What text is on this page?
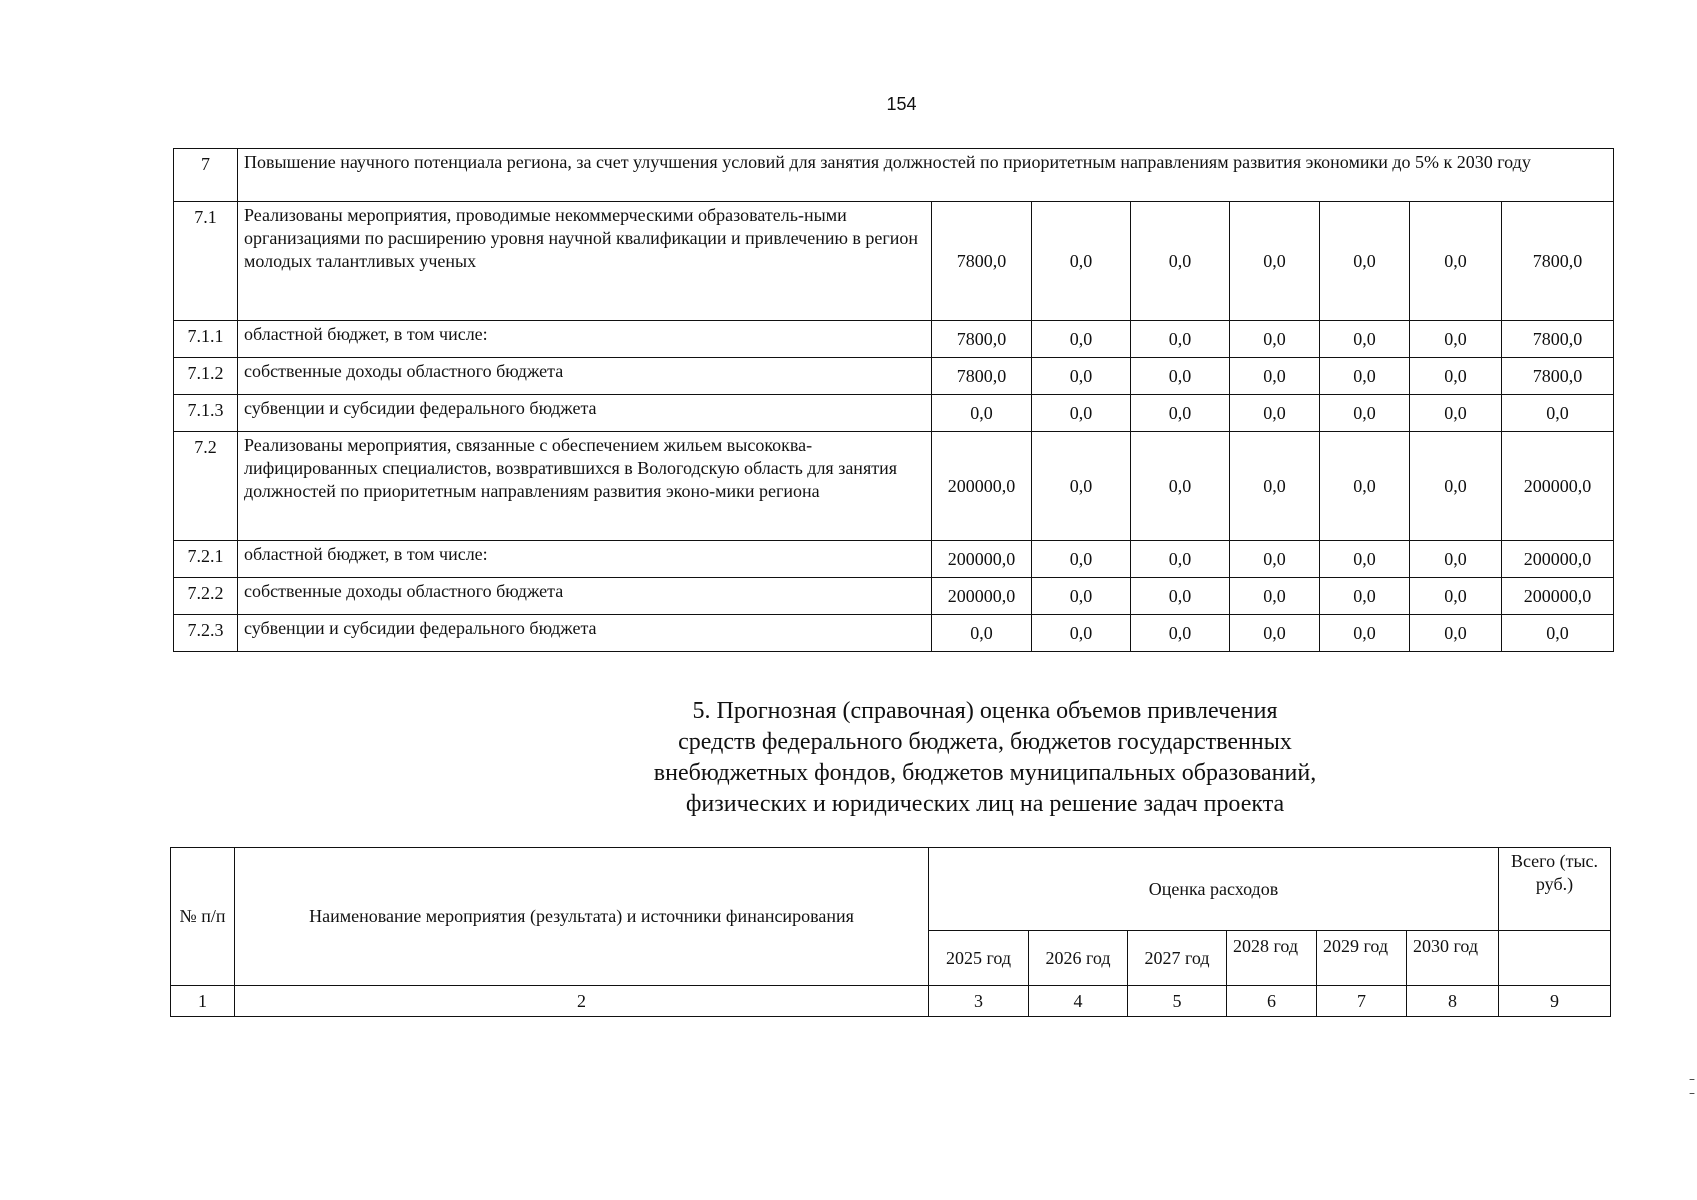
154
7	Повышение научного потенциала региона, за счет улучшения условий для занятия должностей по приоритетным направлениям развития экономики до 5% к 2030 году							
7.1	Реализованы мероприятия, проводимые некоммерческими образователь-ными организациями по расширению уровня научной квалификации и привлечению в регион молодых талантливых ученых	7800,0	0,0	0,0	0,0	0,0	0,0	7800,0
7.1.1	областной бюджет, в том числе:	7800,0	0,0	0,0	0,0	0,0	0,0	7800,0
7.1.2	собственные доходы областного бюджета	7800,0	0,0	0,0	0,0	0,0	0,0	7800,0
7.1.3	субвенции и субсидии федерального бюджета	0,0	0,0	0,0	0,0	0,0	0,0	0,0
7.2	Реализованы мероприятия, связанные с обеспечением жильем высококва-лифицированных специалистов, возвратившихся в Вологодскую область для занятия должностей по приоритетным направлениям развития эконо-мики региона	200000,0	0,0	0,0	0,0	0,0	0,0	200000,0
7.2.1	областной бюджет, в том числе:	200000,0	0,0	0,0	0,0	0,0	0,0	200000,0
7.2.2	собственные доходы областного бюджета	200000,0	0,0	0,0	0,0	0,0	0,0	200000,0
7.2.3	субвенции и субсидии федерального бюджета	0,0	0,0	0,0	0,0	0,0	0,0	0,0
5. Прогнозная (справочная) оценка объемов привлечения
средств федерального бюджета, бюджетов государственных
внебюджетных фондов, бюджетов муниципальных образований,
физических и юридических лиц на решение задач проекта
№ п/п	Наименование мероприятия (результата) и источники финансирования	Оценка расходов						Всего (тыс. руб.)
		2025 год	2026 год	2027 год	2028 год	2029 год	2030 год	
1	2	3	4	5	6	7	8	9
–
–
